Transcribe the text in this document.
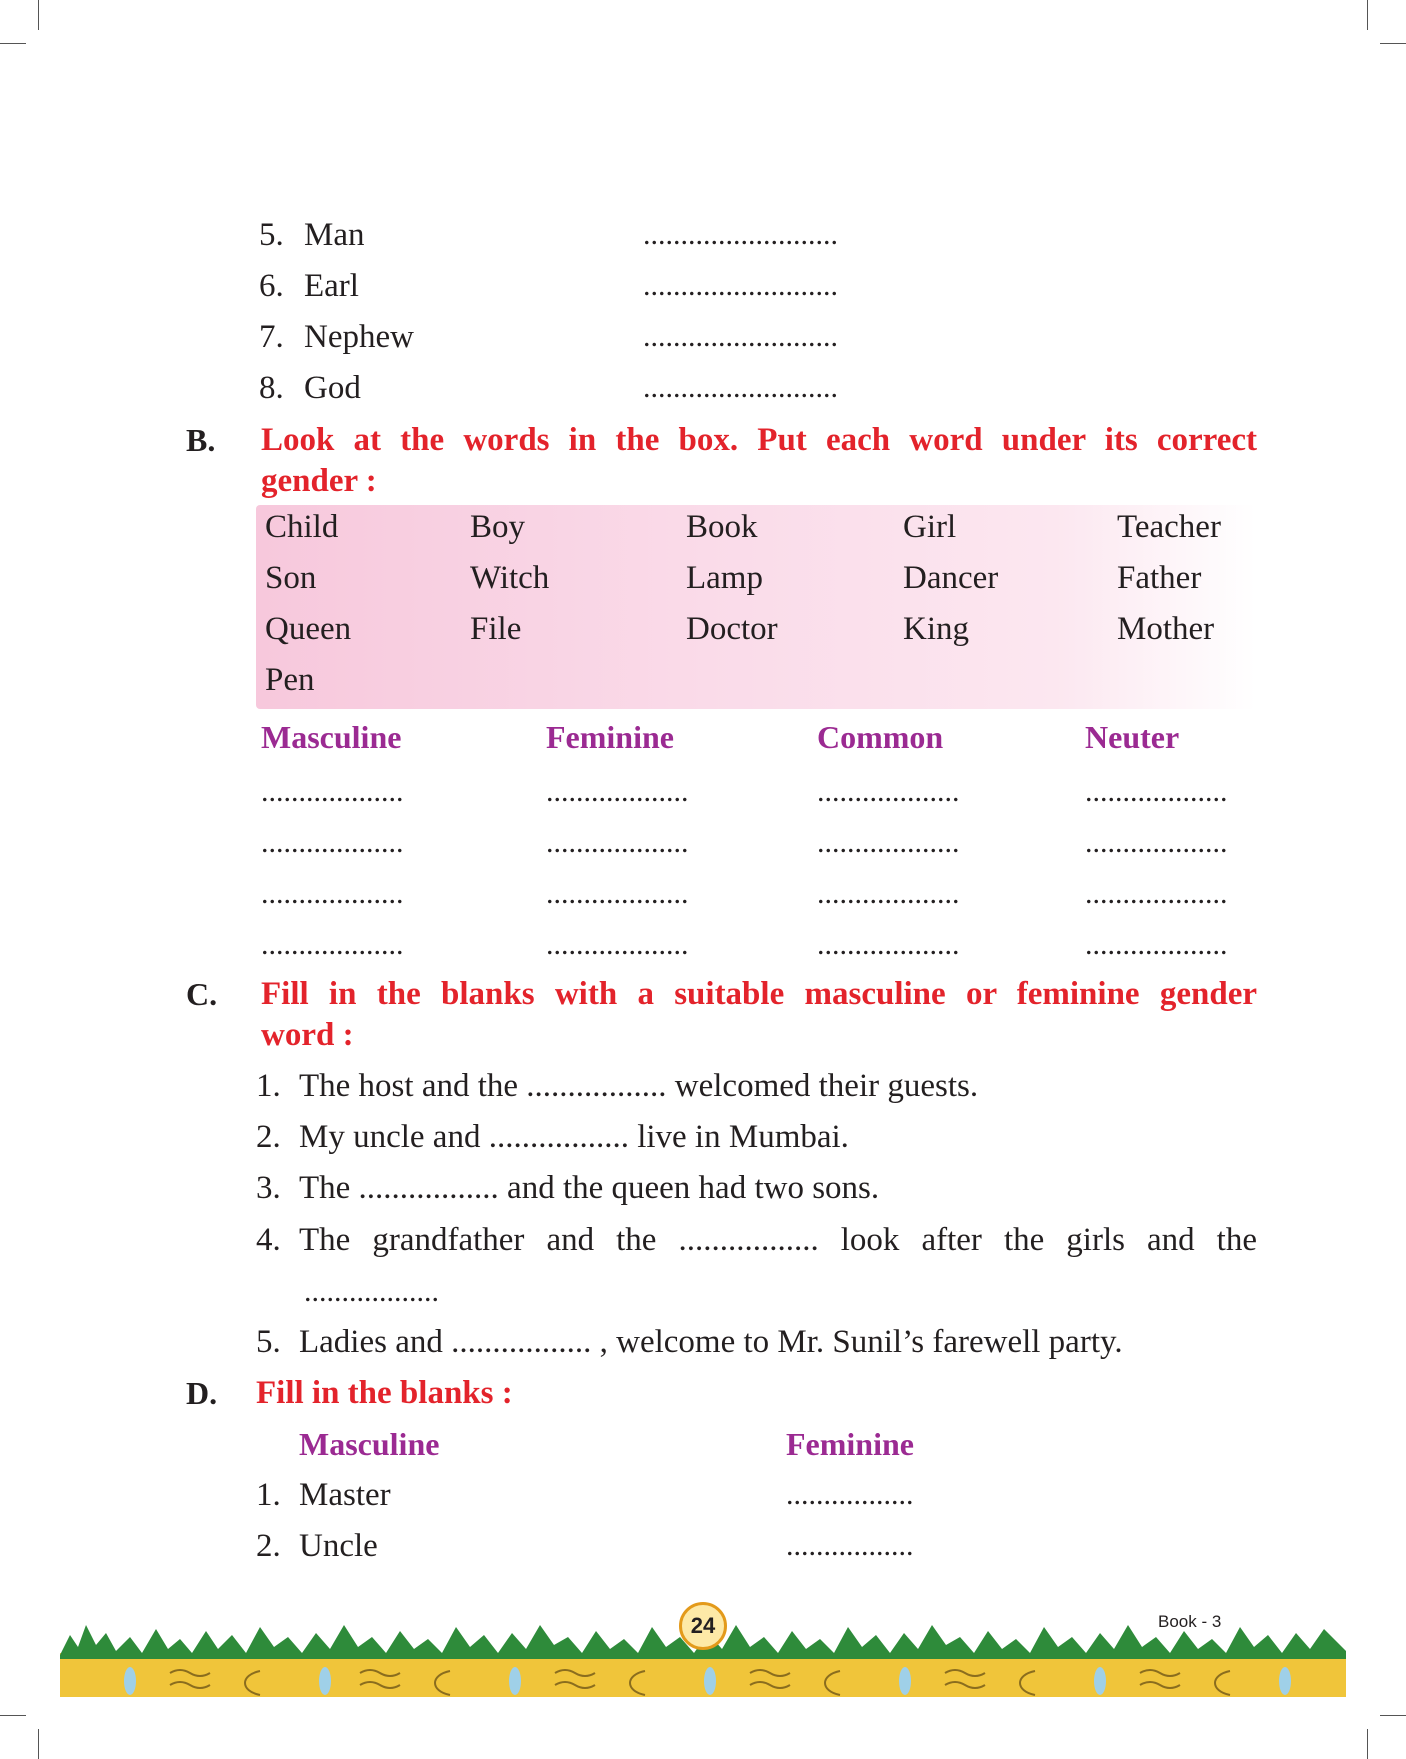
5. Man	..........................
6. Earl	..........................
7. Nephew	..........................
8. God	..........................
B. Look at the words in the box. Put each word under its correct
gender :
Child	Boy	Book	Girl	Teacher
Son	Witch	Lamp	Dancer	Father
Queen	File	Doctor	King	Mother
Pen
Masculine	Feminine	Common	Neuter
...................	...................	...................	...................
...................	...................	...................	...................
...................	...................	...................	...................
...................	...................	...................	...................
C. Fill in the blanks with a suitable masculine or feminine gender
word :
1. The host and the ................. welcomed their guests.
2. My uncle and ................. live in Mumbai.
3. The ................. and the queen had two sons.
4. The grandfather and the ................. look after the girls and the
..................
5. Ladies and ................. , welcome to Mr. Sunil’s farewell party.
D. Fill in the blanks :
Masculine	Feminine
1. Master	.................
2. Uncle	.................
24	Book - 3
